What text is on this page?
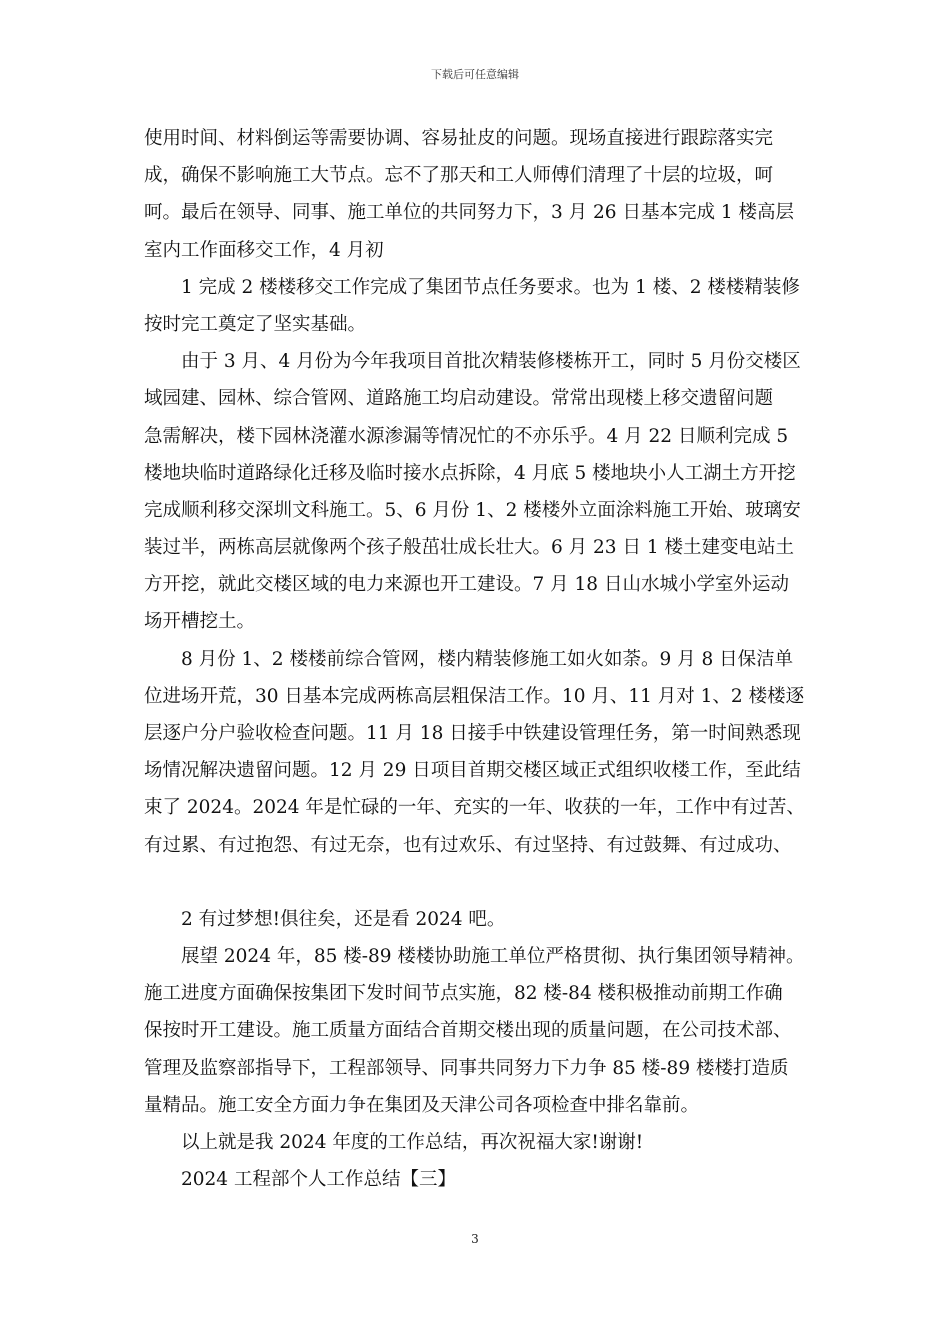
下载后可任意编辑
使用时间、材料倒运等需要协调、容易扯皮的问题。现场直接进行跟踪落实完
成，确保不影响施工大节点。忘不了那天和工人师傅们清理了十层的垃圾，呵
呵。最后在领导、同事、施工单位的共同努力下，3 月 26 日基本完成 1 楼高层
室内工作面移交工作，4 月初
1 完成 2 楼楼移交工作完成了集团节点任务要求。也为 1 楼、2 楼楼精装修
按时完工奠定了坚实基础。
由于 3 月、4 月份为今年我项目首批次精装修楼栋开工，同时 5 月份交楼区
域园建、园林、综合管网、道路施工均启动建设。常常出现楼上移交遗留问题
急需解决，楼下园林浇灌水源渗漏等情况忙的不亦乐乎。4 月 22 日顺利完成 5
楼地块临时道路绿化迁移及临时接水点拆除，4 月底 5 楼地块小人工湖土方开挖
完成顺利移交深圳文科施工。5、6 月份 1、2 楼楼外立面涂料施工开始、玻璃安
装过半，两栋高层就像两个孩子般茁壮成长壮大。6 月 23 日 1 楼土建变电站土
方开挖，就此交楼区域的电力来源也开工建设。7 月 18 日山水城小学室外运动
场开槽挖土。
8 月份 1、2 楼楼前综合管网，楼内精装修施工如火如荼。9 月 8 日保洁单
位进场开荒，30 日基本完成两栋高层粗保洁工作。10 月、11 月对 1、2 楼楼逐
层逐户分户验收检查问题。11 月 18 日接手中铁建设管理任务，第一时间熟悉现
场情况解决遗留问题。12 月 29 日项目首期交楼区域正式组织收楼工作，至此结
束了 2024。2024 年是忙碌的一年、充实的一年、收获的一年，工作中有过苦、
有过累、有过抱怨、有过无奈，也有过欢乐、有过坚持、有过鼓舞、有过成功、
2 有过梦想!俱往矣，还是看 2024 吧。
展望 2024 年，85 楼-89 楼楼协助施工单位严格贯彻、执行集团领导精神。
施工进度方面确保按集团下发时间节点实施，82 楼-84 楼积极推动前期工作确
保按时开工建设。施工质量方面结合首期交楼出现的质量问题，在公司技术部、
管理及监察部指导下，工程部领导、同事共同努力下力争 85 楼-89 楼楼打造质
量精品。施工安全方面力争在集团及天津公司各项检查中排名靠前。
以上就是我 2024 年度的工作总结，再次祝福大家!谢谢!
2024 工程部个人工作总结【三】
3
